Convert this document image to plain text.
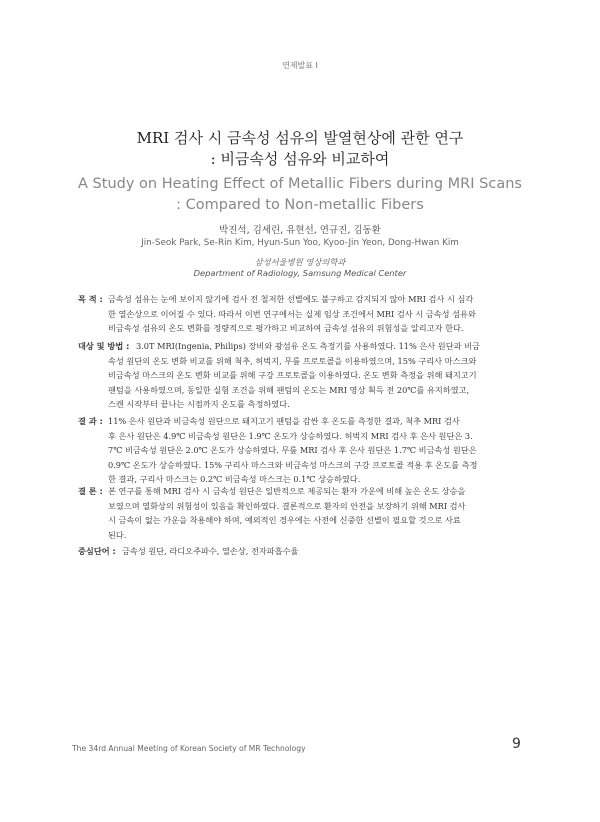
연제발표 Ⅰ
MRI 검사 시 금속성 섬유의 발열현상에 관한 연구
: 비금속성 섬유와 비교하여
A Study on Heating Effect of Metallic Fibers during MRI Scans
: Compared to Non-metallic Fibers
박진석, 김세린, 유현선, 연규진, 김동환
Jin-Seok Park, Se-Rin Kim, Hyun-Sun Yoo, Kyoo-Jin Yeon, Dong-Hwan Kim
삼성서울병원 영상의학과
Department of Radiology, Samsung Medical Center
목 적 : 금속성 섬유는 눈에 보이지 않기에 검사 전 철저한 선별에도 불구하고 감지되지 않아 MRI 검사 시 심각
한 열손상으로 이어질 수 있다. 따라서 이번 연구에서는 실제 임상 조건에서 MRI 검사 시 금속성 섬유와
비금속성 섬유의 온도 변화를 정량적으로 평가하고 비교하여 금속성 섬유의 위험성을 알리고자 한다.
대상 및 방법 : 3.0T MRI(Ingenia, Philips) 장비와 광섬유 온도 측정기를 사용하였다. 11% 은사 원단과 비금
속성 원단의 온도 변화 비교를 위해 척추, 허벅지, 무릎 프로토콜을 이용하였으며, 15% 구리사 마스크와
비금속성 마스크의 온도 변화 비교를 위해 구강 프로토콜을 이용하였다. 온도 변화 측정을 위해 돼지고기
팬텀을 사용하였으며, 동일한 실험 조건을 위해 팬텀의 온도는 MRI 영상 획득 전 20℃를 유지하였고,
스캔 시작부터 끝나는 시점까지 온도를 측정하였다.
결 과 : 11% 은사 원단과 비금속성 원단으로 돼지고기 팬텀을 감싼 후 온도를 측정한 결과, 척추 MRI 검사
후 은사 원단은 4.9℃ 비금속성 원단은 1.9℃ 온도가 상승하였다. 허벅지 MRI 검사 후 은사 원단은 3.
7℃ 비금속성 원단은 2.0℃ 온도가 상승하였다. 무릎 MRI 검사 후 은사 원단은 1.7℃ 비금속성 원단은
0.9℃ 온도가 상승하였다. 15% 구리사 마스크와 비금속성 마스크의 구강 프로토콜 적용 후 온도를 측정
한 결과, 구리사 마스크는 0.2℃ 비금속성 마스크는 0.1℃ 상승하였다.
결 론 : 본 연구를 통해 MRI 검사 시 금속성 원단은 일반적으로 제공되는 환자 가운에 비해 높은 온도 상승을
보였으며 열화상의 위험성이 있음을 확인하였다. 결론적으로 환자의 안전을 보장하기 위해 MRI 검사
시 금속이 없는 가운을 착용해야 하며, 예외적인 경우에는 사전에 신중한 선별이 필요할 것으로 사료
된다.
중심단어 : 금속성 원단, 라디오주파수, 열손상, 전자파흡수율
The 34rd Annual Meeting of Korean Society of MR Technology	9
